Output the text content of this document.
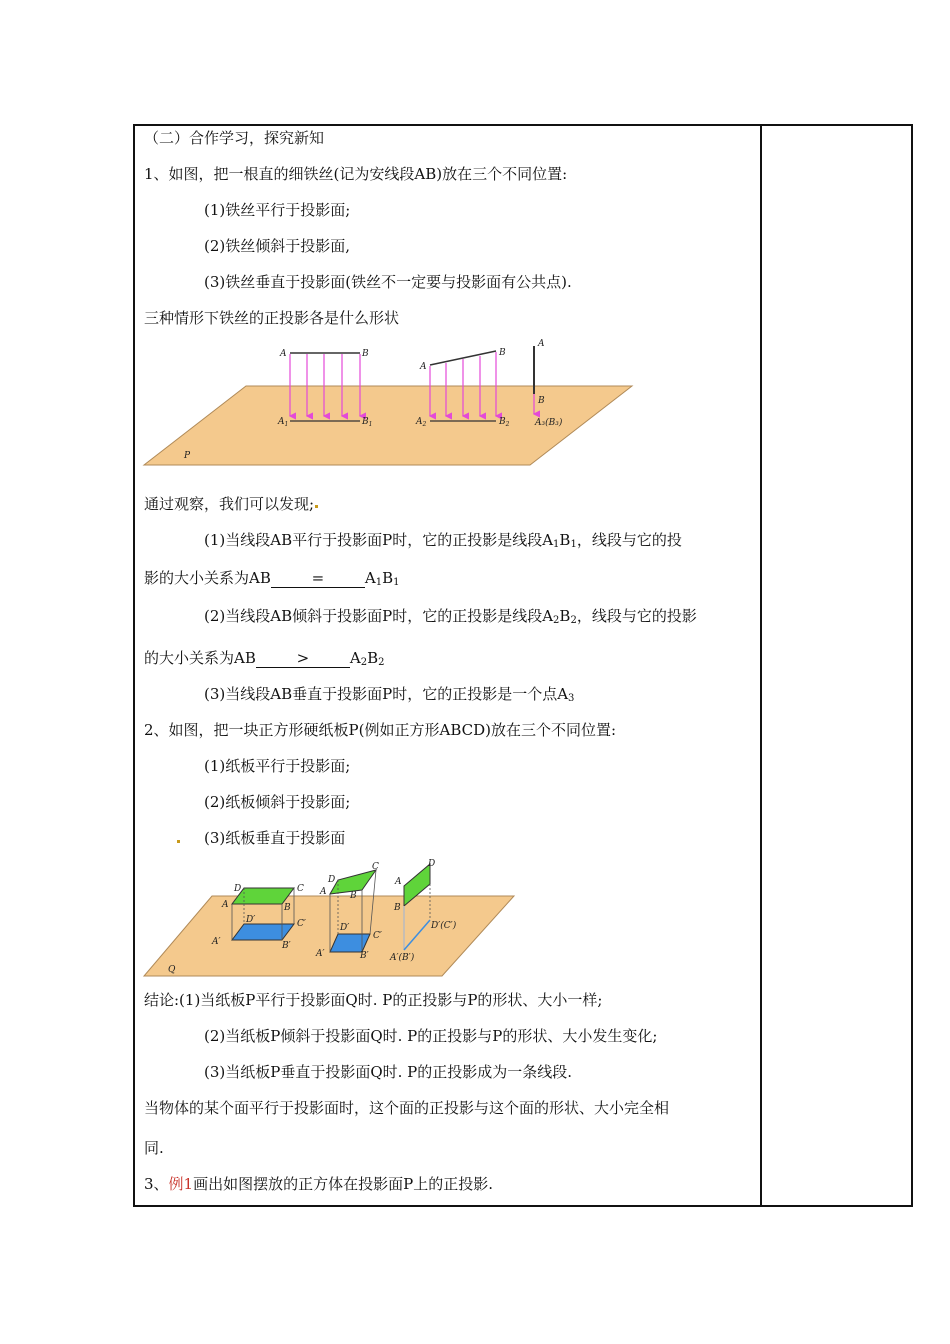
（二）合作学习，探究新知
1、如图，把一根直的细铁丝(记为安线段AB)放在三个不同位置:
(1)铁丝平行于投影面;
(2)铁丝倾斜于投影面,
(3)铁丝垂直于投影面(铁丝不一定要与投影面有公共点).
三种情形下铁丝的正投影各是什么形状
A	B
$A_1$	$B_1$
A
B
$A_2$	$B_2$
A
B
A₃(B₃)
P
通过观察，我们可以发现;
(1)当线段AB平行于投影面P时，它的正投影是线段$A_1B_1$，线段与它的投
影的大小关系为AB	=	$A_1B_1$
(2)当线段AB倾斜于投影面P时，它的正投影是线段$A_2B_2$，线段与它的投影
的大小关系为AB	>	$A_2B_2$
(3)当线段AB垂直于投影面P时，它的正投影是一个点$A_3$
2、如图，把一块正方形硬纸板P(例如正方形ABCD)放在三个不同位置:
(1)纸板平行于投影面;
(2)纸板倾斜于投影面;
(3)纸板垂直于投影面
A	B
C
D
A′	B′
C′
D′
A	B
C
D
A′	B′
C′
D′
A
B
D
D′(C′)
A′(B′)
Q
结论:(1)当纸板P平行于投影面Q时. P的正投影与P的形状、大小一样;
(2)当纸板P倾斜于投影面Q时. P的正投影与P的形状、大小发生变化;
(3)当纸板P垂直于投影面Q时. P的正投影成为一条线段.
当物体的某个面平行于投影面时，这个面的正投影与这个面的形状、大小完全相
同.
3、例1画出如图摆放的正方体在投影面P上的正投影.
